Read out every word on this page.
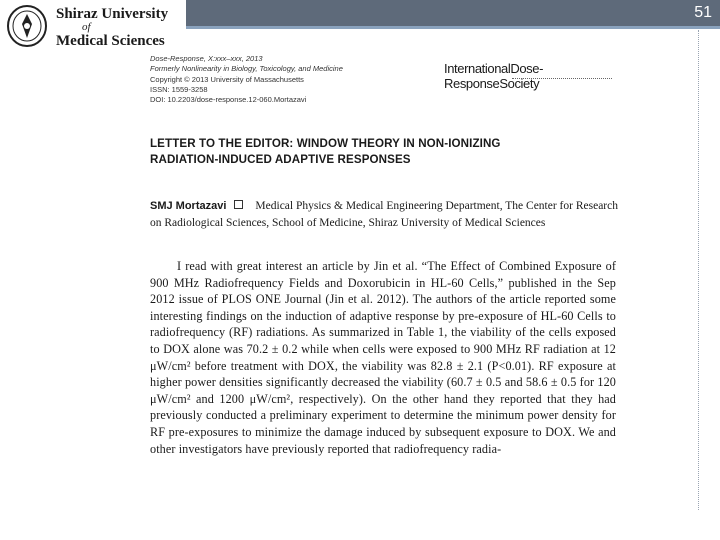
51
Shiraz University
of
Medical Sciences
Dose-Response, X:xxx–xxx, 2013
Formerly Nonlinearity in Biology, Toxicology, and Medicine
Copyright © 2013 University of Massachusetts
ISSN: 1559-3258
DOI: 10.2203/dose-response.12-060.Mortazavi
InternationalDose-ResponseSociety
LETTER TO THE EDITOR: WINDOW THEORY IN NON-IONIZING
RADIATION-INDUCED ADAPTIVE RESPONSES
SMJ Mortazavi	Medical Physics & Medical Engineering Department, The Center for Research on Radiological Sciences, School of Medicine, Shiraz University of Medical Sciences

I read with great interest an article by Jin et al. “The Effect of Combined Exposure of 900 MHz Radiofrequency Fields and Doxorubicin in HL-60 Cells,” published in the Sep 2012 issue of PLOS ONE Journal (Jin et al. 2012). The authors of the article reported some interesting findings on the induction of adaptive response by pre-exposure of HL-60 Cells to radiofrequency (RF) radiations. As summarized in Table 1, the viability of the cells exposed to DOX alone was 70.2 ± 0.2 while when cells were exposed to 900 MHz RF radiation at 12 μW/cm² before treatment with DOX, the viability was 82.8 ± 2.1 (P<0.01). RF exposure at higher power densities significantly decreased the viability (60.7 ± 0.5 and 58.6 ± 0.5 for 120 μW/cm² and 1200 μW/cm², respectively). On the other hand they reported that they had previously conducted a preliminary experiment to determine the minimum power density for RF pre-exposures to minimize the damage induced by subsequent exposure to DOX. We and other investigators have previously reported that radiofrequency radia-
